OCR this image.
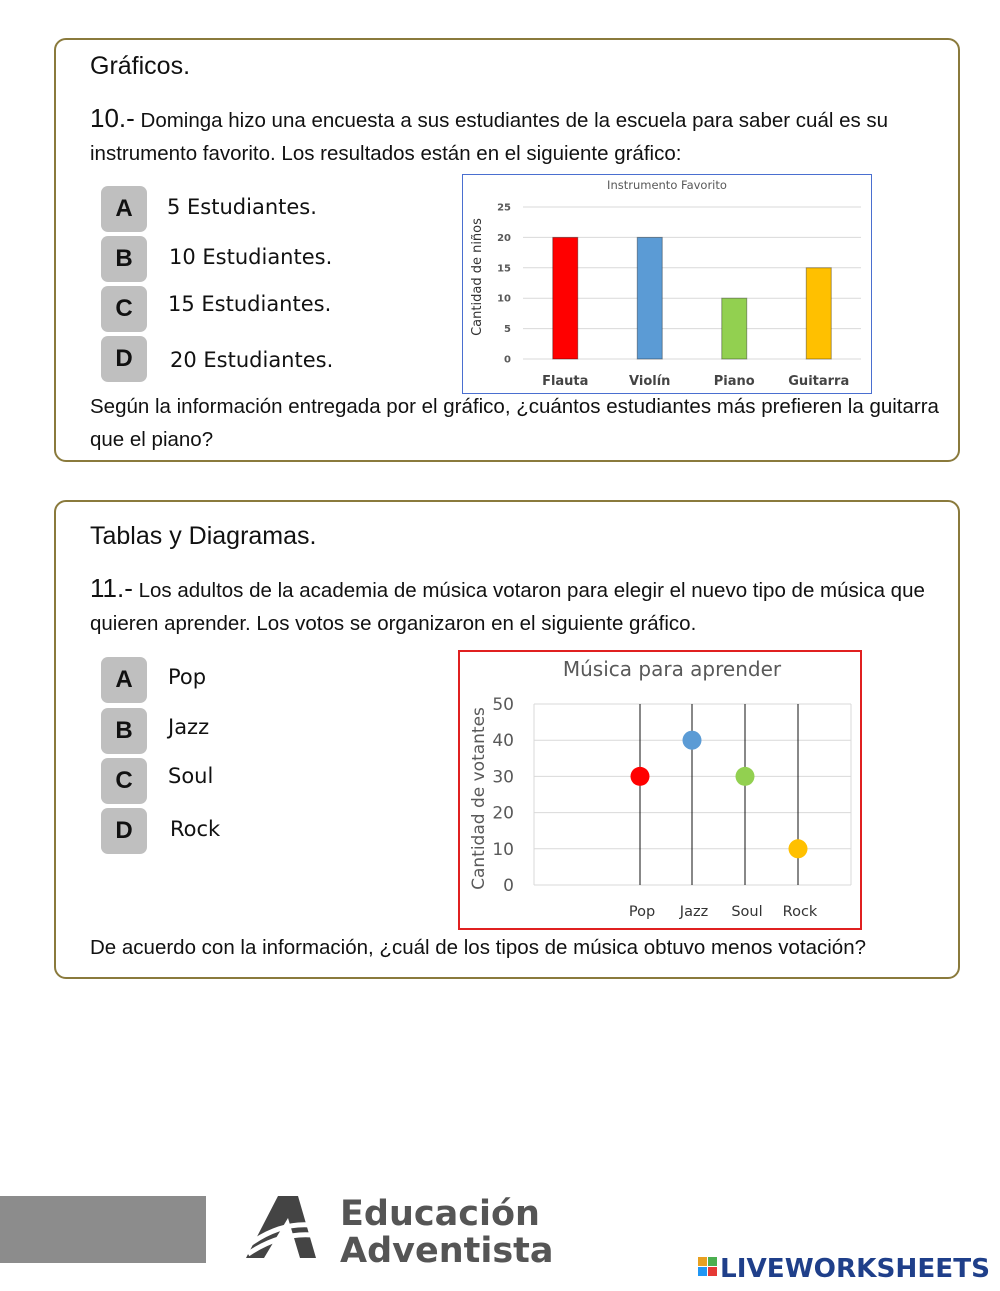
Gráficos.
10.- Dominga hizo una encuesta a sus estudiantes de la escuela para saber cuál es su instrumento favorito. Los resultados están en el siguiente gráfico:
A	5 Estudiantes.
B	10 Estudiantes.
C	15 Estudiantes.
D	20 Estudiantes.
Instrumento Favorito
0
5
10
15
20
25
Cantidad de niños
Flauta	Violín	Piano	Guitarra
Según la información entregada por el gráfico, ¿cuántos estudiantes más prefieren la guitarra que el piano?
Tablas y Diagramas.
11.- Los adultos de la academia de música votaron para elegir el nuevo tipo de música que quieren aprender. Los votos se organizaron en el siguiente gráfico.
A	Pop
B	Jazz
C	Soul
D	Rock
Música para aprender
0
10
20
30
40
50
Cantidad de votantes
Pop Jazz Soul Rock
De acuerdo con la información, ¿cuál de los tipos de música obtuvo menos votación?
Educación
Adventista	LIVEWORKSHEETS
